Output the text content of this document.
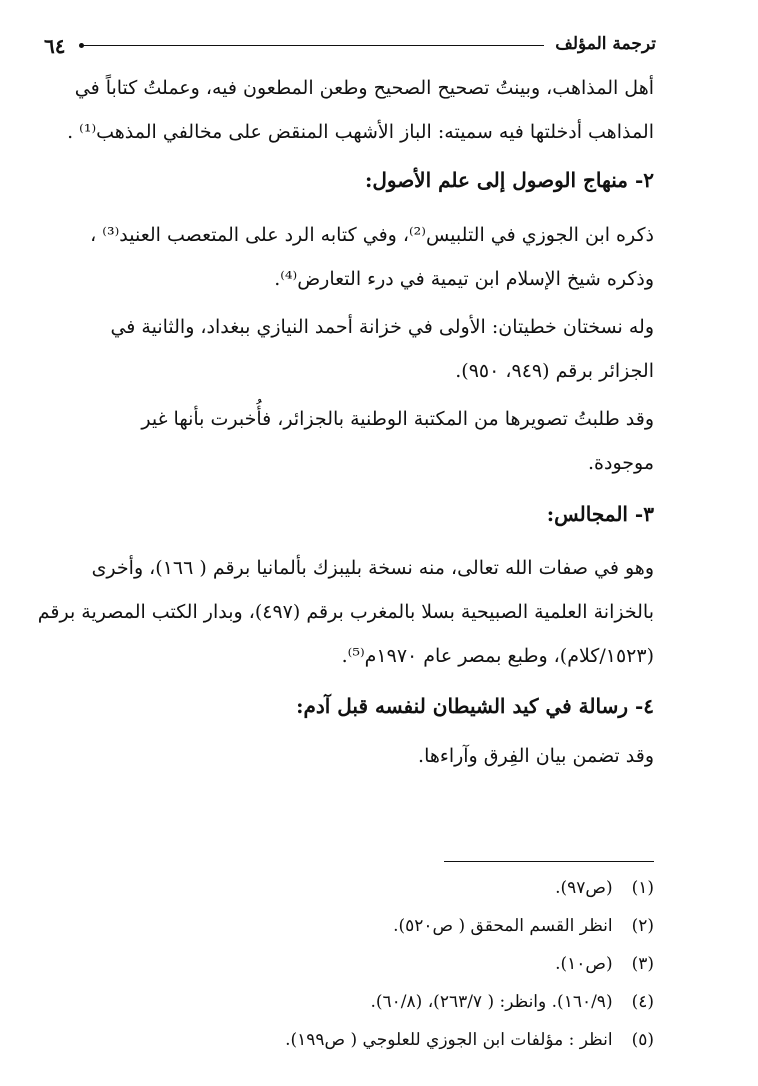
٦٤	ترجمة المؤلف
أهل المذاهب، وبينتُ تصحيح الصحيح وطعن المطعون فيه، وعملتُ كتاباً في
المذاهب أدخلتها فيه سميته: الباز الأشهب المنقض على مخالفي المذهب⁽¹⁾ .
٢- منهاج الوصول إلى علم الأصول:
ذكره ابن الجوزي في التلبيس⁽²⁾، وفي كتابه الرد على المتعصب العنيد⁽³⁾ ،
وذكره شيخ الإسلام ابن تيمية في درء التعارض⁽⁴⁾.
وله نسختان خطيتان: الأولى في خزانة أحمد النيازي ببغداد، والثانية في
الجزائر برقم (٩٤٩، ٩٥٠).
وقد طلبتُ تصويرها من المكتبة الوطنية بالجزائر، فأُخبرت بأنها غير
موجودة.
٣- المجالس:
وهو في صفات الله تعالى، منه نسخة بليبزك بألمانيا برقم ( ١٦٦)، وأخرى
بالخزانة العلمية الصبيحية بسلا بالمغرب برقم (٤٩٧)، وبدار الكتب المصرية برقم
(١٥٢٣/كلام)، وطبع بمصر عام ١٩٧٠م⁽⁵⁾.
٤- رسالة في كيد الشيطان لنفسه قبل آدم:
وقد تضمن بيان الفِرق وآراءها.
(١) (ص٩٧).
(٢) انظر القسم المحقق ( ص٥٢٠).
(٣) (ص١٠).
(٤) (١٦٠/٩). وانظر: ( ٢٦٣/٧)، (٦٠/٨).
(٥) انظر : مؤلفات ابن الجوزي للعلوجي ( ص١٩٩).
